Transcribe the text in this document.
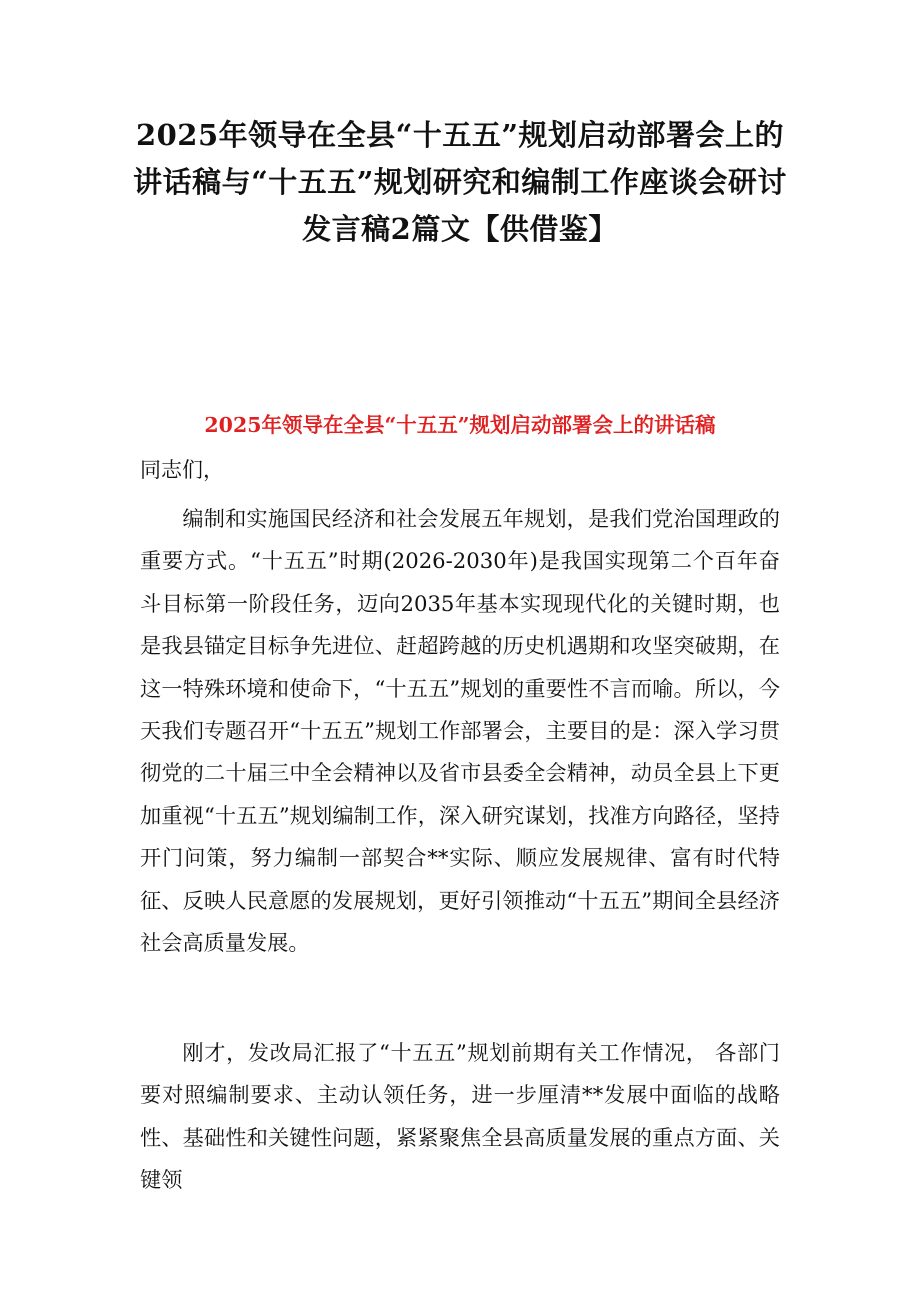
2025年领导在全县“十五五”规划启动部署会上的讲话稿与“十五五”规划研究和编制工作座谈会研讨发言稿2篇文【供借鉴】
2025年领导在全县“十五五”规划启动部署会上的讲话稿

同志们，

编制和实施国民经济和社会发展五年规划，是我们党治国理政的重要方式。“十五五”时期(2026-2030年)是我国实现第二个百年奋斗目标第一阶段任务，迈向2035年基本实现现代化的关键时期，也是我县锚定目标争先进位、赶超跨越的历史机遇期和攻坚突破期，在这一特殊环境和使命下，“十五五”规划的重要性不言而喻。所以，今天我们专题召开“十五五”规划工作部署会，主要目的是：深入学习贯彻党的二十届三中全会精神以及省市县委全会精神，动员全县上下更加重视“十五五”规划编制工作，深入研究谋划，找准方向路径，坚持开门问策，努力编制一部契合**实际、顺应发展规律、富有时代特征、反映人民意愿的发展规划，更好引领推动“十五五”期间全县经济社会高质量发展。

刚才，发改局汇报了“十五五”规划前期有关工作情况， 各部门要对照编制要求、主动认领任务，进一步厘清**发展中面临的战略性、基础性和关键性问题，紧紧聚焦全县高质量发展的重点方面、关键领
